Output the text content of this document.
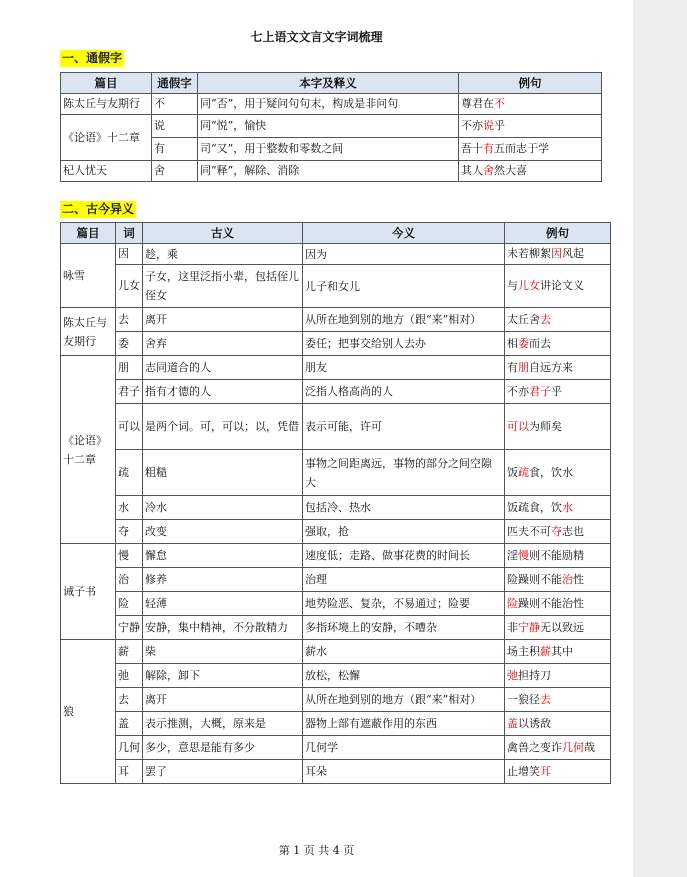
七上语文文言文字词梳理
一、通假字
篇目	通假字	本字及释义	例句
陈太丘与友期行	不	同“否”，用于疑问句句末，构成是非问句	尊君在不
《论语》十二章	说	同“悦”，愉快	不亦说乎
	有	司“又”，用于整数和零数之间	吾十有五而志于学
杞人忧天	舍	同“释”，解除、消除	其人舍然大喜
二、古今异义
篇目	词	古义	今义	例句
咏雪	因	趁，乘	因为	未若柳絮因风起
	儿女	子女，这里泛指小辈，包括侄儿侄女	儿子和女儿	与儿女讲论文义
陈太丘与友期行	去	离开	从所在地到别的地方（跟“来”相对）	太丘舍去
	委	舍弃	委任；把事交给别人去办	相委而去
《论语》十二章	朋	志同道合的人	朋友	有朋自远方来
	君子	指有才德的人	泛指人格高尚的人	不亦君子乎
	可以	是两个词。可，可以；以，凭借	表示可能，许可	可以为师矣
	疏	粗糙	事物之间距离远，事物的部分之间空隙大	饭疏食，饮水
	水	冷水	包括冷、热水	饭疏食，饮水
	夺	改变	强取，抢	匹夫不可夺志也
诫子书	慢	懈怠	速度低；走路、做事花费的时间长	淫慢则不能励精
	治	修养	治理	险躁则不能治性
	险	轻薄	地势险恶、复杂，不易通过；险要	险躁则不能治性
	宁静	安静，集中精神，不分散精力	多指环境上的安静，不嘈杂	非宁静无以致远
狼	薪	柴	薪水	场主积薪其中
	弛	解除，卸下	放松，松懈	弛担持刀
	去	离开	从所在地到别的地方（跟“来”相对）	一狼径去
	盖	表示推测，大概，原来是	器物上部有遮蔽作用的东西	盖以诱敌
	几何	多少，意思是能有多少	几何学	禽兽之变诈几何哉
	耳	罢了	耳朵	止增笑耳
第 1 页 共 4 页
